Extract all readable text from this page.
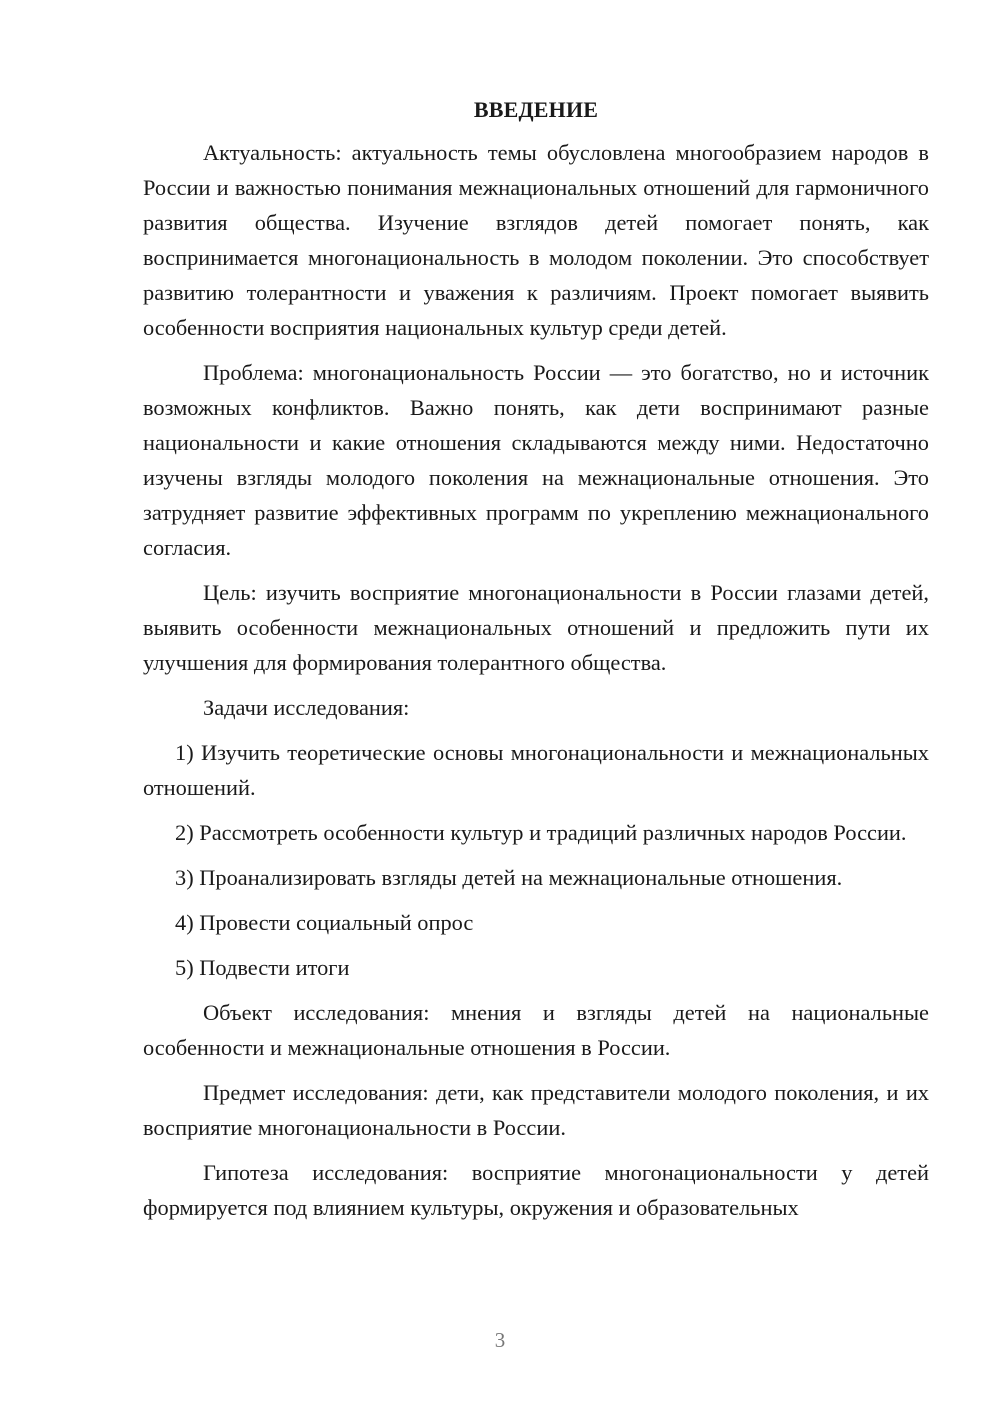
ВВЕДЕНИЕ

Актуальность: актуальность темы обусловлена многообразием народов в России и важностью понимания межнациональных отношений для гармоничного развития общества. Изучение взглядов детей помогает понять, как воспринимается многонациональность в молодом поколении. Это способствует развитию толерантности и уважения к различиям. Проект помогает выявить особенности восприятия национальных культур среди детей.

Проблема: многонациональность России — это богатство, но и источник возможных конфликтов. Важно понять, как дети воспринимают разные национальности и какие отношения складываются между ними. Недостаточно изучены взгляды молодого поколения на межнациональные отношения. Это затрудняет развитие эффективных программ по укреплению межнационального согласия.

Цель: изучить восприятие многонациональности в России глазами детей, выявить особенности межнациональных отношений и предложить пути их улучшения для формирования толерантного общества.

Задачи исследования:

1) Изучить теоретические основы многонациональности и межнациональных отношений.

2) Рассмотреть особенности культур и традиций различных народов России.

3) Проанализировать взгляды детей на межнациональные отношения.

4) Провести социальный опрос

5) Подвести итоги

Объект исследования: мнения и взгляды детей на национальные особенности и межнациональные отношения в России.

Предмет исследования: дети, как представители молодого поколения, и их восприятие многонациональности в России.

Гипотеза исследования: восприятие многонациональности у детей формируется под влиянием культуры, окружения и образовательных

3
